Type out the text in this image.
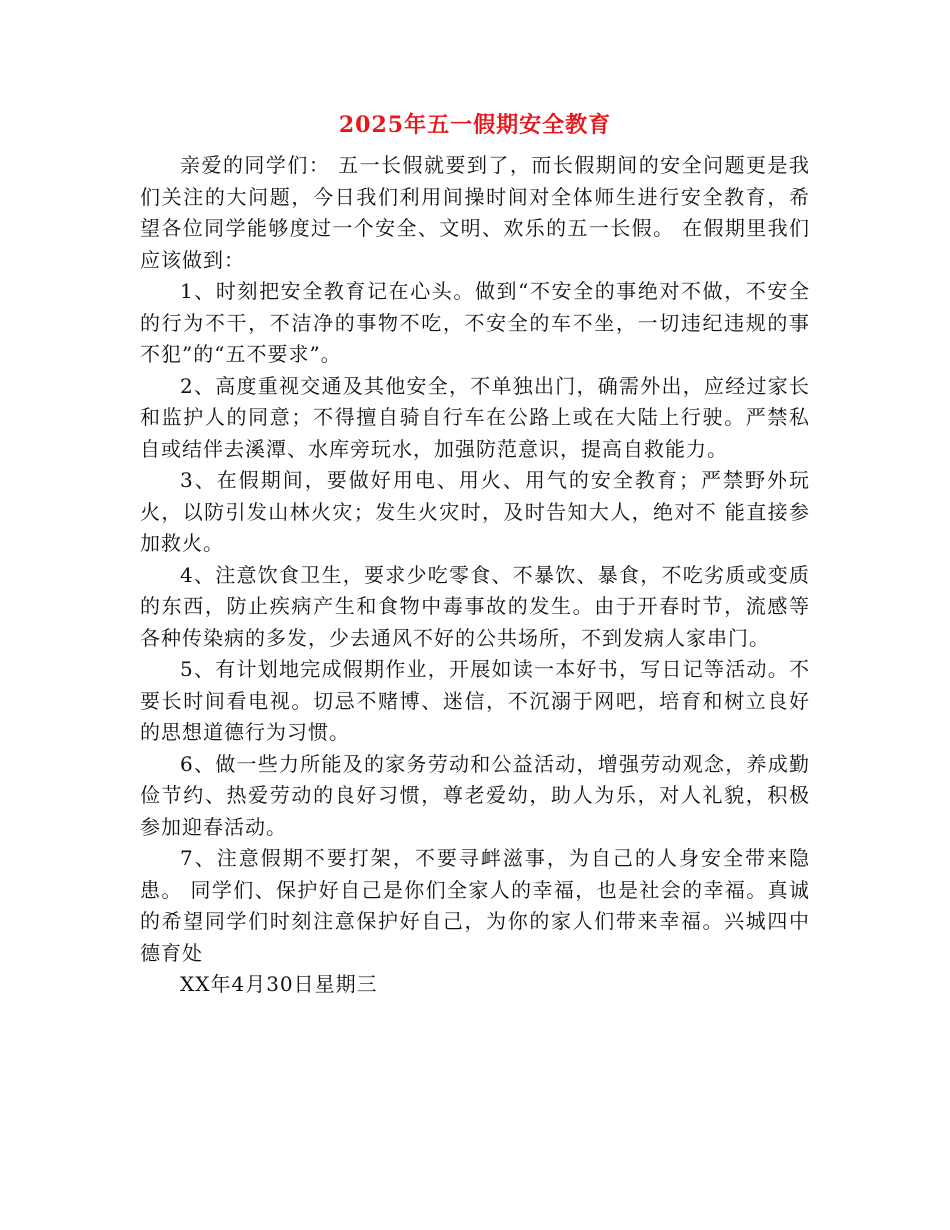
2025年五一假期安全教育

亲爱的同学们： 五一长假就要到了，而长假期间的安全问题更是我们关注的大问题，今日我们利用间操时间对全体师生进行安全教育，希望各位同学能够度过一个安全、文明、欢乐的五一长假。 在假期里我们应该做到：

1、时刻把安全教育记在心头。做到“不安全的事绝对不做，不安全的行为不干，不洁净的事物不吃，不安全的车不坐，一切违纪违规的事不犯”的“五不要求”。

2、高度重视交通及其他安全，不单独出门，确需外出，应经过家长和监护人的同意；不得擅自骑自行车在公路上或在大陆上行驶。严禁私自或结伴去溪潭、水库旁玩水，加强防范意识，提高自救能力。

3、在假期间，要做好用电、用火、用气的安全教育；严禁野外玩火，以防引发山林火灾；发生火灾时，及时告知大人，绝对不 能直接参加救火。

4、注意饮食卫生，要求少吃零食、不暴饮、暴食，不吃劣质或变质的东西，防止疾病产生和食物中毒事故的发生。由于开春时节，流感等各种传染病的多发，少去通风不好的公共场所，不到发病人家串门。

5、有计划地完成假期作业，开展如读一本好书，写日记等活动。不要长时间看电视。切忌不赌博、迷信，不沉溺于网吧，培育和树立良好的思想道德行为习惯。

6、做一些力所能及的家务劳动和公益活动，增强劳动观念，养成勤俭节约、热爱劳动的良好习惯，尊老爱幼，助人为乐，对人礼貌，积极参加迎春活动。

7、注意假期不要打架，不要寻衅滋事，为自己的人身安全带来隐患。 同学们、保护好自己是你们全家人的幸福，也是社会的幸福。真诚的希望同学们时刻注意保护好自己，为你的家人们带来幸福。兴城四中德育处

XX年4月30日星期三
